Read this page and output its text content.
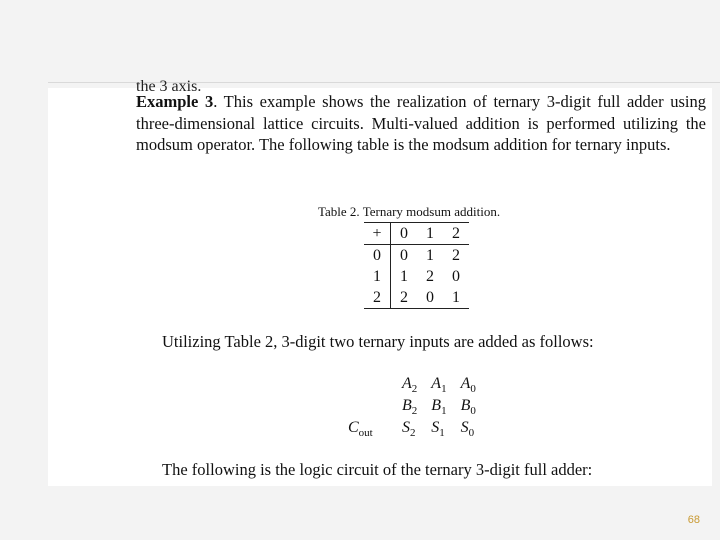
the 3 axis.

Example 3. This example shows the realization of ternary 3-digit full adder using three-dimensional lattice circuits. Multi-valued addition is performed utilizing the modsum operator. The following table is the modsum addition for ternary inputs.

Table 2. Ternary modsum addition.
+	0	1	2
0	0	1	2
1	1	2	0
2	2	0	1

Utilizing Table 2, 3-digit two ternary inputs are added as follows:

	$A_2$	$A_1$	$A_0$
	$B_2$	$B_1$	$B_0$
$C_{out}$	$S_2$	$S_1$	$S_0$

The following is the logic circuit of the ternary 3-digit full adder:

68
